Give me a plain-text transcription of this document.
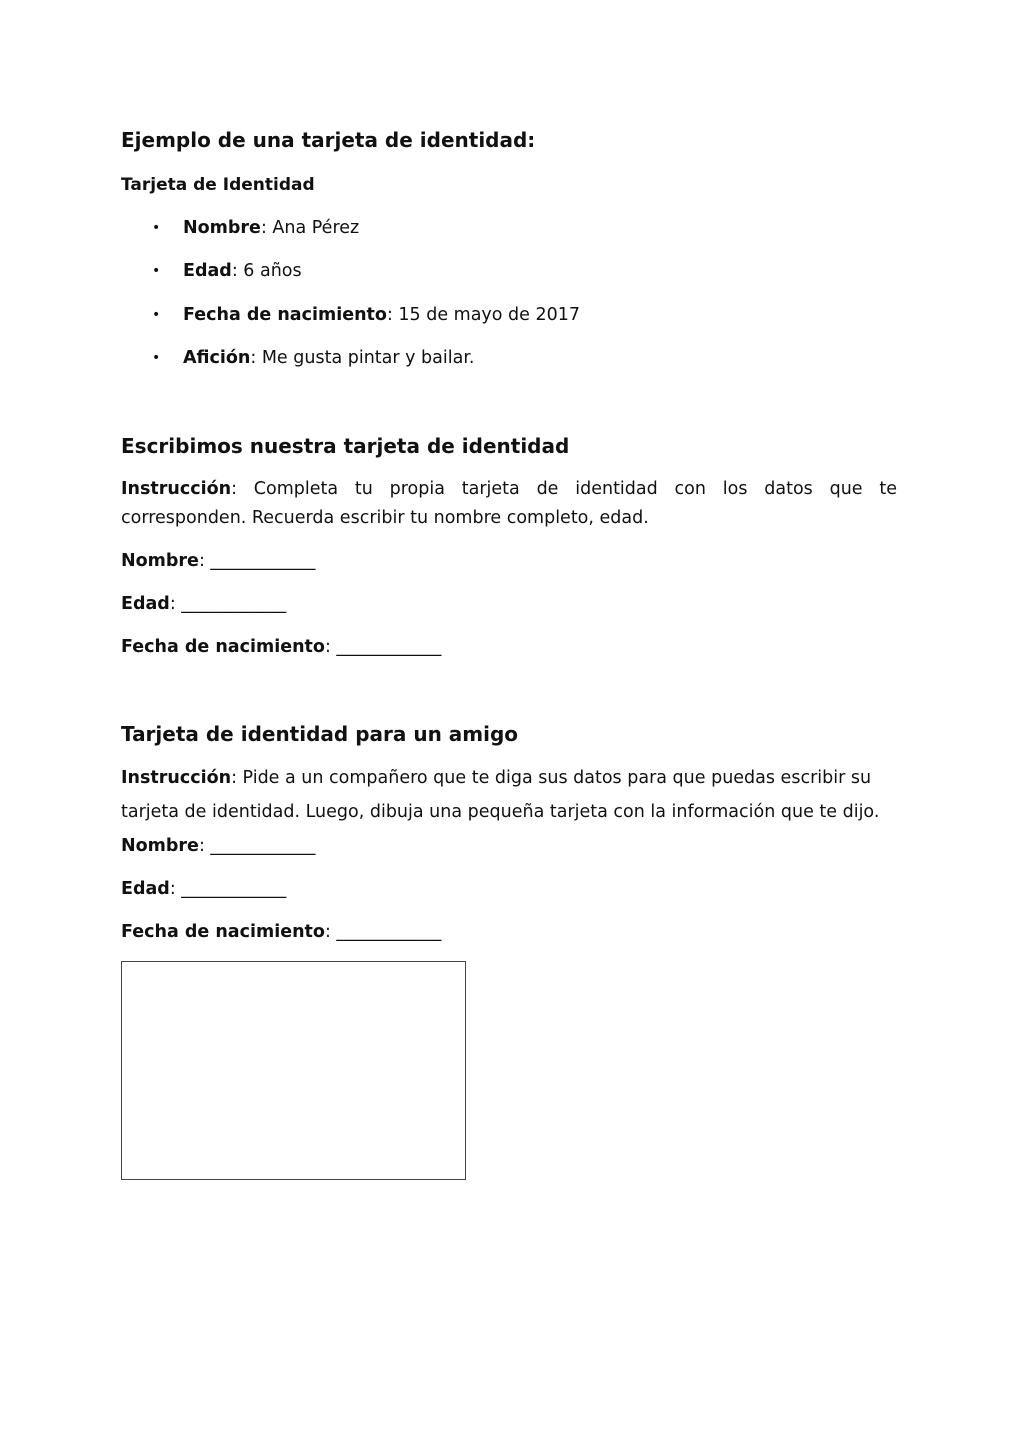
Ejemplo de una tarjeta de identidad:
Tarjeta de Identidad
• Nombre: Ana Pérez
• Edad: 6 años
• Fecha de nacimiento: 15 de mayo de 2017
• Afición: Me gusta pintar y bailar.
Escribimos nuestra tarjeta de identidad
Instrucción: Completa tu propia tarjeta de identidad con los datos que te corresponden. Recuerda escribir tu nombre completo, edad.
Nombre: ____________
Edad: ____________
Fecha de nacimiento: ____________
Tarjeta de identidad para un amigo
Instrucción: Pide a un compañero que te diga sus datos para que puedas escribir su tarjeta de identidad. Luego, dibuja una pequeña tarjeta con la información que te dijo. Nombre: ____________
Edad: ____________
Fecha de nacimiento: ____________
